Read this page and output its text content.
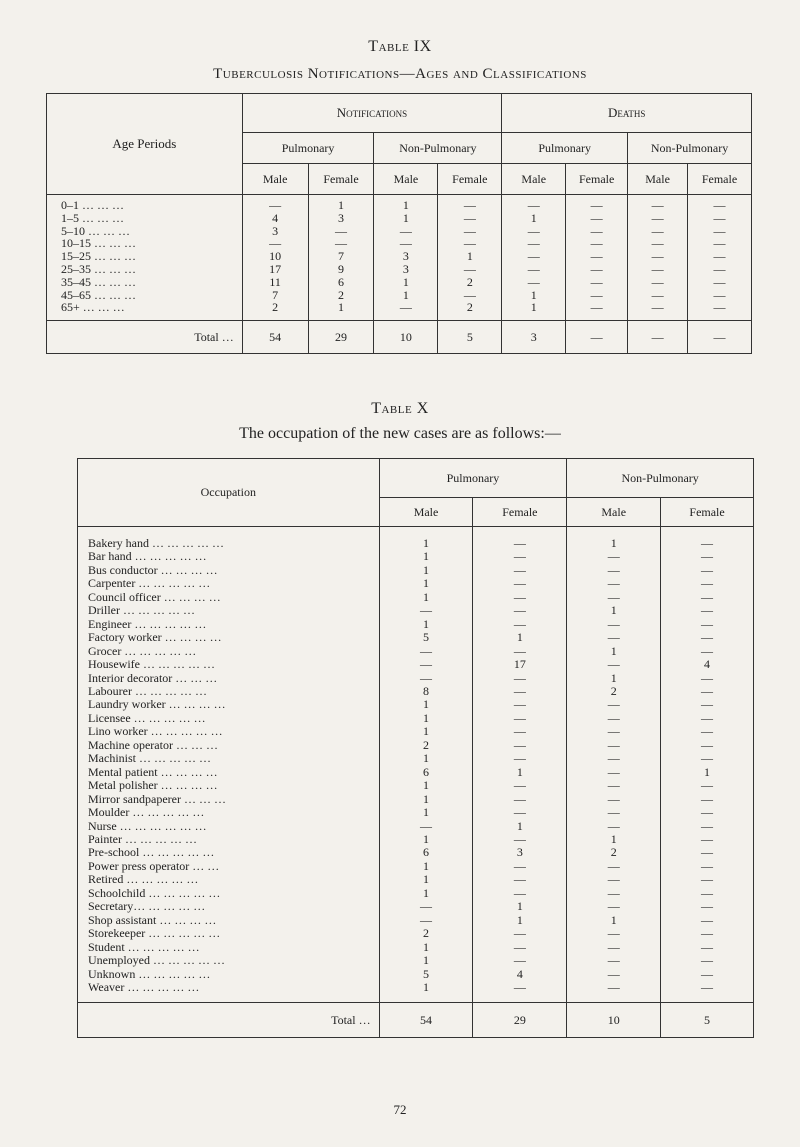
Table IX
Tuberculosis Notifications—Ages and Classifications
Age Periods	Notifications				Deaths			
	Pulmonary		Non-Pulmonary		Pulmonary		Non-Pulmonary	
	Male	Female	Male	Female	Male	Female	Male	Female
0–1 … … …	—	1	1	—	—	—	—	—
1–5 … … …	4	3	1	—	1	—	—	—
5–10 … … …	3	—	—	—	—	—	—	—
10–15 … … …	—	—	—	—	—	—	—	—
15–25 … … …	10	7	3	1	—	—	—	—
25–35 … … …	17	9	3	—	—	—	—	—
35–45 … … …	11	6	1	2	—	—	—	—
45–65 … … …	7	2	1	—	1	—	—	—
65+ … … …	2	1	—	2	1	—	—	—
Total …	54	29	10	5	3	—	—	—
Table X
The occupation of the new cases are as follows:—
Occupation	Pulmonary		Non-Pulmonary	
	Male	Female	Male	Female
Bakery hand … … … … …	1	—	1	—
Bar hand … … … … …	1	—	—	—
Bus conductor … … … …	1	—	—	—
Carpenter … … … … …	1	—	—	—
Council officer … … … …	1	—	—	—
Driller … … … … …	—	—	1	—
Engineer … … … … …	1	—	—	—
Factory worker … … … …	5	1	—	—
Grocer … … … … …	—	—	1	—
Housewife … … … … …	—	17	—	4
Interior decorator … … …	—	—	1	—
Labourer … … … … …	8	—	2	—
Laundry worker … … … …	1	—	—	—
Licensee … … … … …	1	—	—	—
Lino worker … … … … …	1	—	—	—
Machine operator … … …	2	—	—	—
Machinist … … … … …	1	—	—	—
Mental patient … … … …	6	1	—	1
Metal polisher … … … …	1	—	—	—
Mirror sandpaperer … … …	1	—	—	—
Moulder … … … … …	1	—	—	—
Nurse … … … … … …	—	1	—	—
Painter … … … … …	1	—	1	—
Pre-school … … … … …	6	3	2	—
Power press operator … …	1	—	—	—
Retired … … … … …	1	—	—	—
Schoolchild … … … … …	1	—	—	—
Secretary… … … … …	—	1	—	—
Shop assistant … … … …	—	1	1	—
Storekeeper … … … … …	2	—	—	—
Student … … … … …	1	—	—	—
Unemployed … … … … …	1	—	—	—
Unknown … … … … …	5	4	—	—
Weaver … … … … …	1	—	—	—
Total …	54	29	10	5
72
